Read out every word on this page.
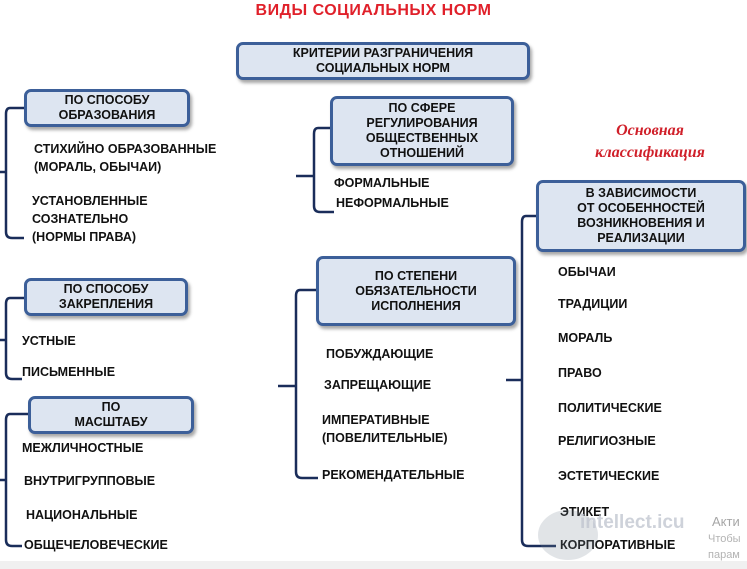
ВИДЫ СОЦИАЛЬНЫХ НОРМ
КРИТЕРИИ РАЗГРАНИЧЕНИЯ
СОЦИАЛЬНЫХ НОРМ
ПО СПОСОБУ
ОБРАЗОВАНИЯ
ПО СПОСОБУ
ЗАКРЕПЛЕНИЯ
ПО
МАСШТАБУ
ПО СФЕРЕ
РЕГУЛИРОВАНИЯ
ОБЩЕСТВЕННЫХ
ОТНОШЕНИЙ
ПО СТЕПЕНИ
ОБЯЗАТЕЛЬНОСТИ
ИСПОЛНЕНИЯ
В ЗАВИСИМОСТИ
ОТ ОСОБЕННОСТЕЙ
ВОЗНИКНОВЕНИЯ И
РЕАЛИЗАЦИИ
Основная
классификация
СТИХИЙНО ОБРАЗОВАННЫЕ
(МОРАЛЬ, ОБЫЧАИ)
УСТАНОВЛЕННЫЕ
СОЗНАТЕЛЬНО
(НОРМЫ ПРАВА)
УСТНЫЕ
ПИСЬМЕННЫЕ
МЕЖЛИЧНОСТНЫЕ
ВНУТРИГРУППОВЫЕ
НАЦИОНАЛЬНЫЕ
ОБЩЕЧЕЛОВЕЧЕСКИЕ
ФОРМАЛЬНЫЕ
НЕФОРМАЛЬНЫЕ
ПОБУЖДАЮЩИЕ
ЗАПРЕЩАЮЩИЕ
ИМПЕРАТИВНЫЕ
(ПОВЕЛИТЕЛЬНЫЕ)
РЕКОМЕНДАТЕЛЬНЫЕ
ОБЫЧАИ
ТРАДИЦИИ
МОРАЛЬ
ПРАВО
ПОЛИТИЧЕСКИЕ
РЕЛИГИОЗНЫЕ
ЭСТЕТИЧЕСКИЕ
ЭТИКЕТ
КОРПОРАТИВНЫЕ
intellect.icu Акти
Чтобы
парам
